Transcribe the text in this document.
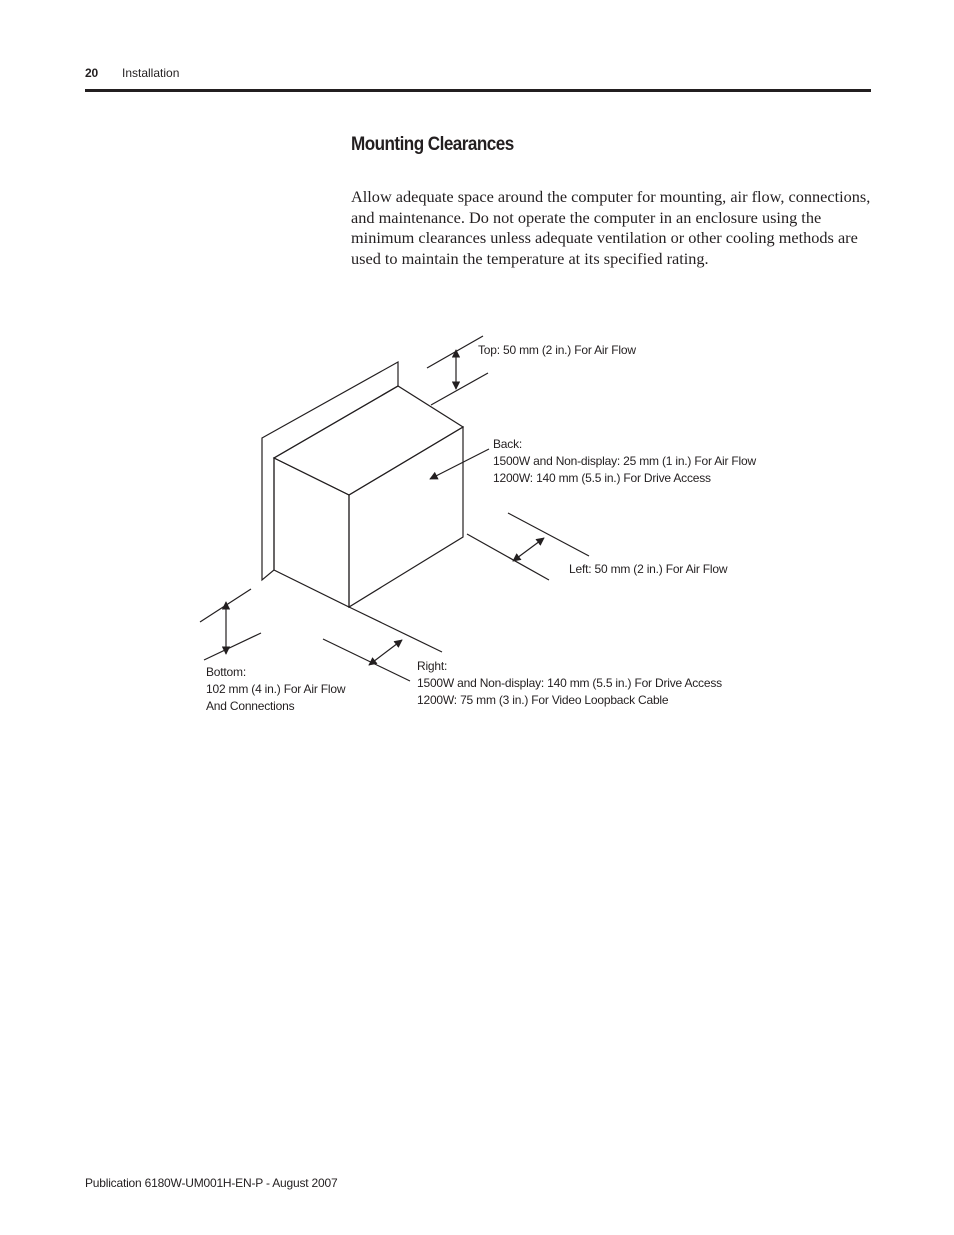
20 Installation
Mounting Clearances

Allow adequate space around the computer for mounting, air flow, connections, and maintenance. Do not operate the computer in an enclosure using the minimum clearances unless adequate ventilation or other cooling methods are used to maintain the temperature at its specified rating.

Top: 50 mm (2 in.) For Air Flow
Back:
1500W and Non-display: 25 mm (1 in.) For Air Flow
1200W: 140 mm (5.5 in.) For Drive Access
Left: 50 mm (2 in.) For Air Flow
Bottom:
102 mm (4 in.) For Air Flow
And Connections
Right:
1500W and Non-display: 140 mm (5.5 in.) For Drive Access
1200W: 75 mm (3 in.) For Video Loopback Cable
Publication 6180W-UM001H-EN-P - August 2007
